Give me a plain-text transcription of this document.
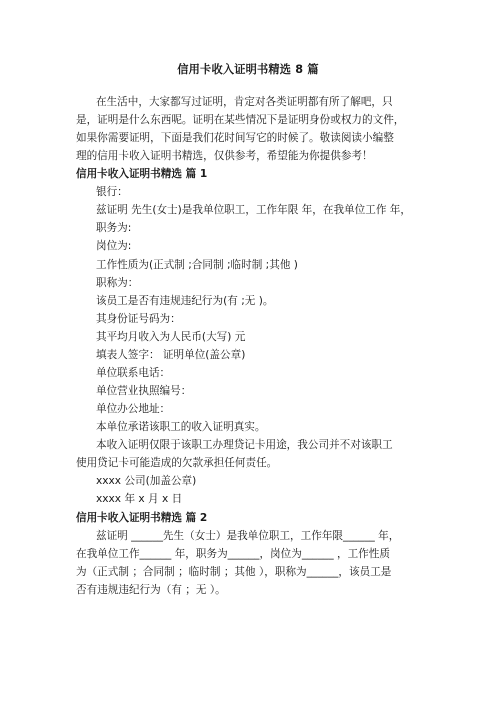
信用卡收入证明书精选 8 篇
在生活中，大家都写过证明，肯定对各类证明都有所了解吧，只
是，证明是什么东西呢。证明在某些情况下是证明身份或权力的文件，
如果你需要证明，下面是我们花时间写它的时候了。敬读阅读小编整
理的信用卡收入证明书精选，仅供参考，希望能为你提供参考！
信用卡收入证明书精选 篇 1
银行：
兹证明 先生(女士)是我单位职工，工作年限 年，在我单位工作 年，
职务为:
岗位为:
工作性质为(正式制 ;合同制 ;临时制 ;其他 )
职称为：
该员工是否有违规违纪行为(有 ;无 )。
其身份证号码为：
其平均月收入为人民币(大写) 元
填表人签字： 证明单位(盖公章)
单位联系电话：
单位营业执照编号：
单位办公地址：
本单位承诺该职工的收入证明真实。
本收入证明仅限于该职工办理贷记卡用途，我公司并不对该职工
使用贷记卡可能造成的欠款承担任何责任。
xxxx 公司(加盖公章)
xxxx 年 x 月 x 日
信用卡收入证明书精选 篇 2
兹证明 ______先生（女士）是我单位职工，工作年限______ 年，
在我单位工作______ 年，职务为______，岗位为______ ，工作性质
为（正式制 ；合同制 ；临时制 ；其他 ），职称为______，该员工是
否有违规违纪行为（有 ；无 ）。
